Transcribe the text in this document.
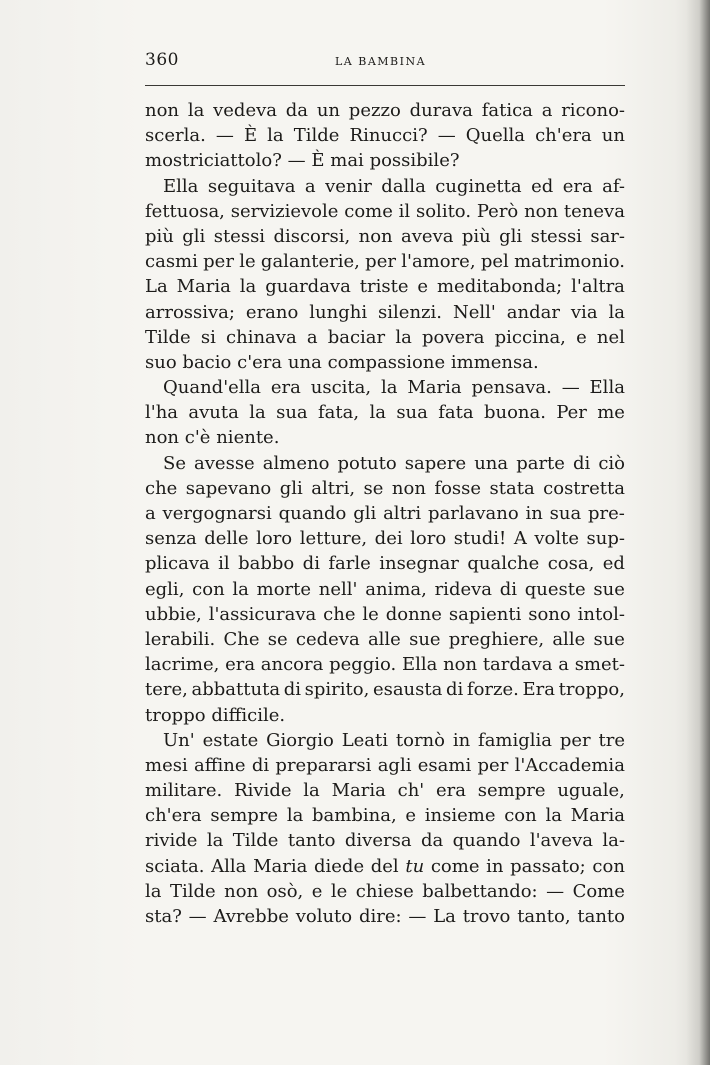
360	LA BAMBINA
non la vedeva da un pezzo durava fatica a ricono-
scerla. — È la Tilde Rinucci? — Quella ch'era un
mostriciattolo? — È mai possibile?
Ella seguitava a venir dalla cuginetta ed era af-
fettuosa, servizievole come il solito. Però non teneva
più gli stessi discorsi, non aveva più gli stessi sar-
casmi per le galanterie, per l'amore, pel matrimonio.
La Maria la guardava triste e meditabonda; l'altra
arrossiva; erano lunghi silenzi. Nell' andar via la
Tilde si chinava a baciar la povera piccina, e nel
suo bacio c'era una compassione immensa.
Quand'ella era uscita, la Maria pensava. — Ella
l'ha avuta la sua fata, la sua fata buona. Per me
non c'è niente.
Se avesse almeno potuto sapere una parte di ciò
che sapevano gli altri, se non fosse stata costretta
a vergognarsi quando gli altri parlavano in sua pre-
senza delle loro letture, dei loro studi! A volte sup-
plicava il babbo di farle insegnar qualche cosa, ed
egli, con la morte nell' anima, rideva di queste sue
ubbie, l'assicurava che le donne sapienti sono intol-
lerabili. Che se cedeva alle sue preghiere, alle sue
lacrime, era ancora peggio. Ella non tardava a smet-
tere, abbattuta di spirito, esausta di forze. Era troppo,
troppo difficile.
Un' estate Giorgio Leati tornò in famiglia per tre
mesi affine di prepararsi agli esami per l'Accademia
militare. Rivide la Maria ch' era sempre uguale,
ch'era sempre la bambina, e insieme con la Maria
rivide la Tilde tanto diversa da quando l'aveva la-
sciata. Alla Maria diede del tu come in passato; con
la Tilde non osò, e le chiese balbettando: — Come
sta? — Avrebbe voluto dire: — La trovo tanto, tanto
